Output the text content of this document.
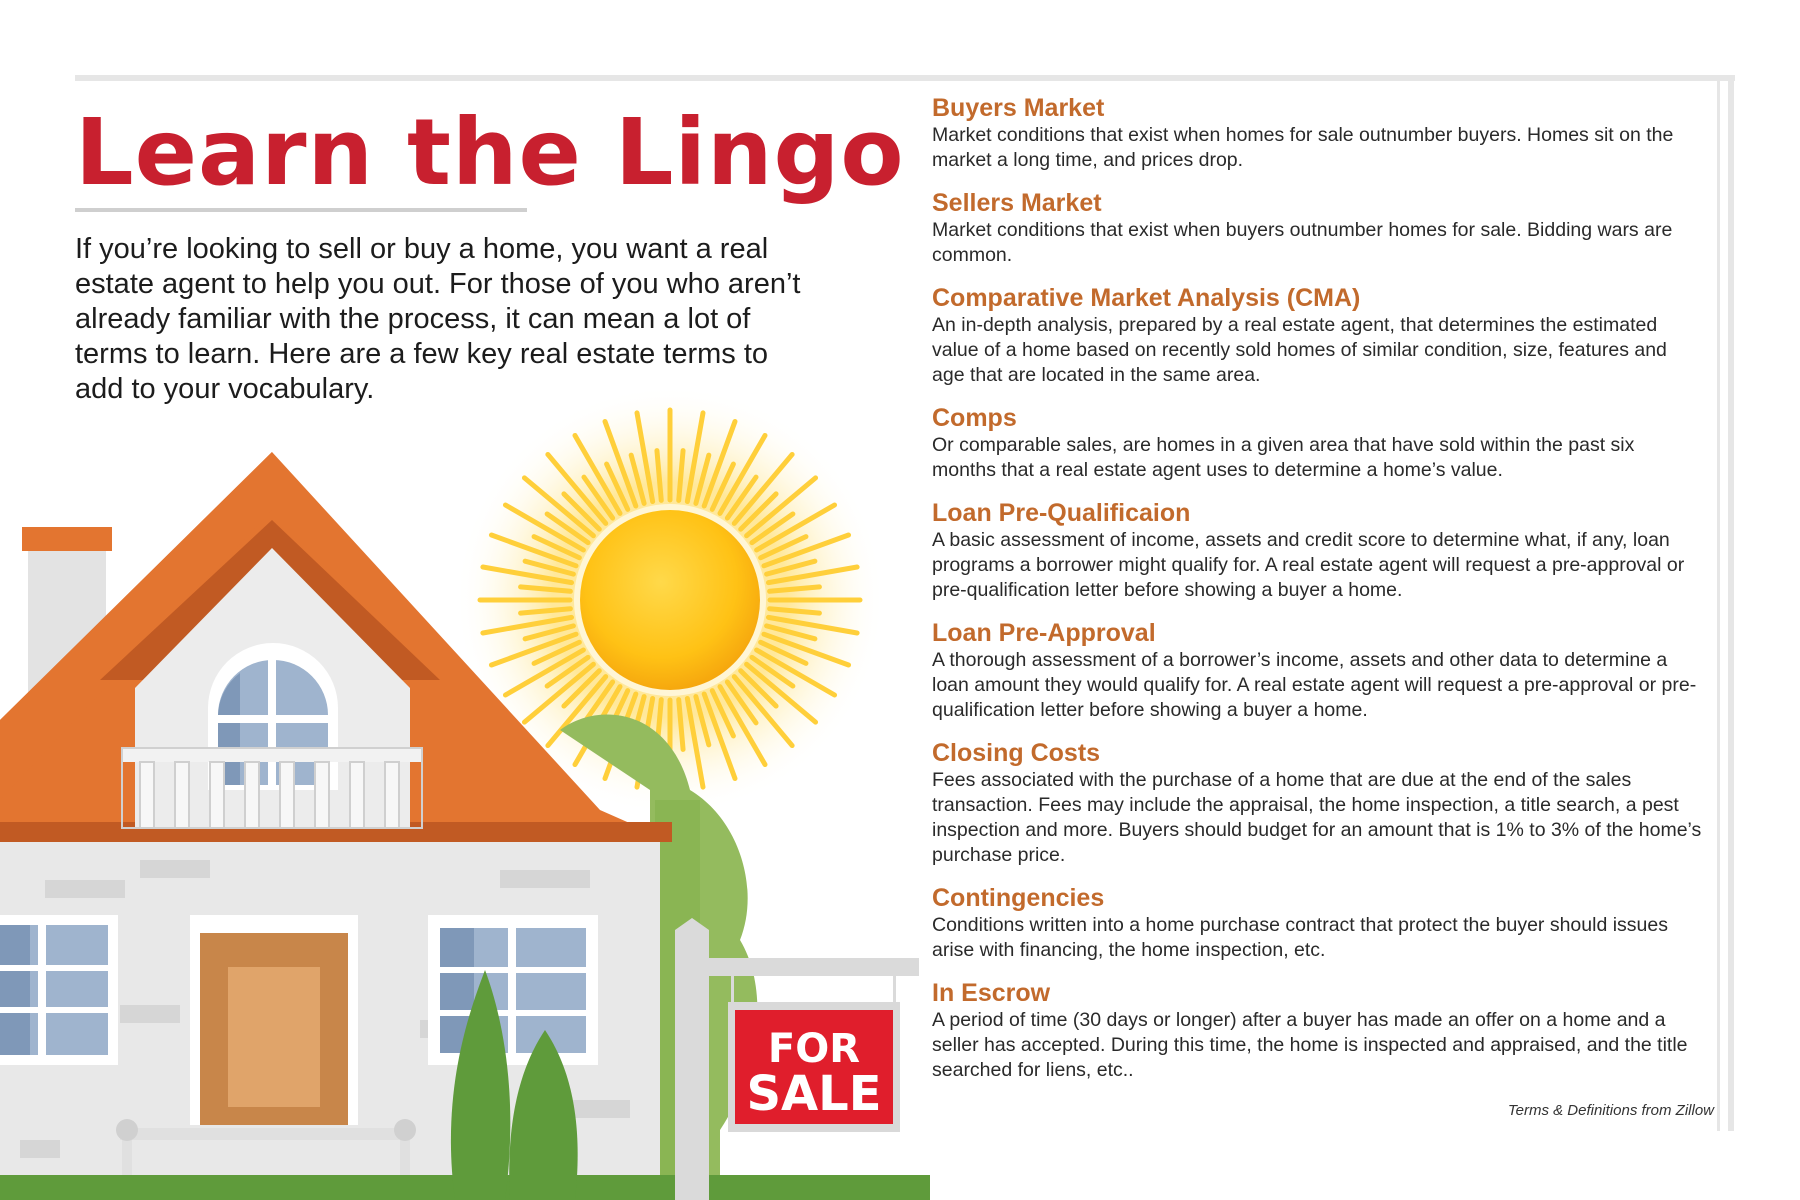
Learn the Lingo

If you’re looking to sell or buy a home, you want a real estate agent to help you out. For those of you who aren’t already familiar with the process, it can mean a lot of terms to learn. Here are a few key real estate terms to add to your vocabulary.

FOR
SALE
Buyers Market
Market conditions that exist when homes for sale outnumber buyers. Homes sit on the market a long time, and prices drop.
Sellers Market
Market conditions that exist when buyers outnumber homes for sale. Bidding wars are common.
Comparative Market Analysis (CMA)
An in-depth analysis, prepared by a real estate agent, that determines the estimated value of a home based on recently sold homes of similar condition, size, features and age that are located in the same area.
Comps
Or comparable sales, are homes in a given area that have sold within the past six months that a real estate agent uses to determine a home’s value.
Loan Pre-Qualificaion
A basic assessment of income, assets and credit score to determine what, if any, loan programs a borrower might qualify for. A real estate agent will request a pre-approval or pre-qualification letter before showing a buyer a home.
Loan Pre-Approval
A thorough assessment of a borrower’s income, assets and other data to determine a loan amount they would qualify for. A real estate agent will request a pre-approval or pre-qualification letter before showing a buyer a home.
Closing Costs
Fees associated with the purchase of a home that are due at the end of the sales transaction. Fees may include the appraisal, the home inspection, a title search, a pest inspection and more. Buyers should budget for an amount that is 1% to 3% of the home’s purchase price.
Contingencies
Conditions written into a home purchase contract that protect the buyer should issues arise with financing, the home inspection, etc.
In Escrow
A period of time (30 days or longer) after a buyer has made an offer on a home and a seller has accepted. During this time, the home is inspected and appraised, and the title searched for liens, etc..
Terms & Definitions from Zillow
